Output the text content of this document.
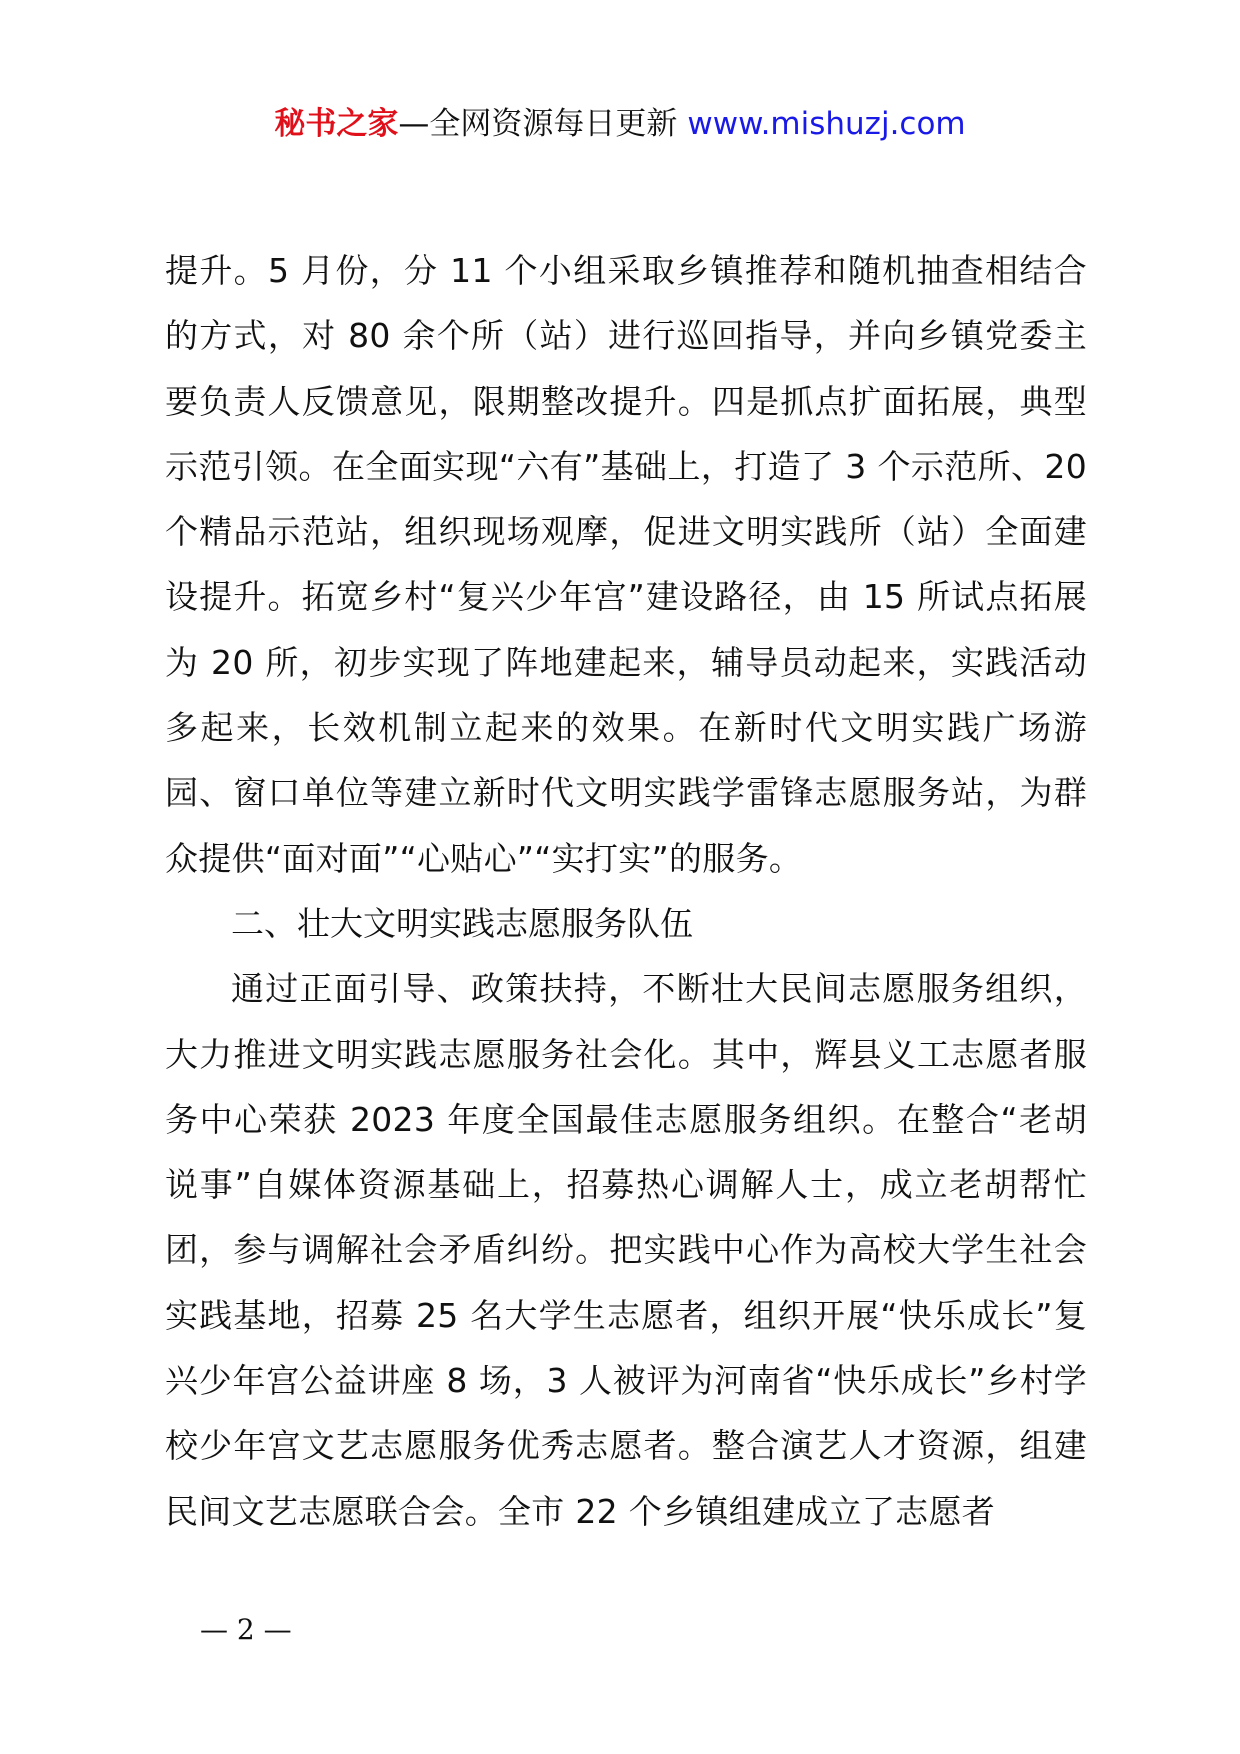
秘书之家—全网资源每日更新 www.mishuzj.com

提升。5 月份，分 11 个小组采取乡镇推荐和随机抽查相结合的方式，对 80 余个所（站）进行巡回指导，并向乡镇党委主要负责人反馈意见，限期整改提升。四是抓点扩面拓展，典型示范引领。在全面实现“六有”基础上，打造了 3 个示范所、20 个精品示范站，组织现场观摩，促进文明实践所（站）全面建设提升。拓宽乡村“复兴少年宫”建设路径，由 15 所试点拓展为 20 所，初步实现了阵地建起来，辅导员动起来，实践活动多起来，长效机制立起来的效果。在新时代文明实践广场游园、窗口单位等建立新时代文明实践学雷锋志愿服务站，为群众提供“面对面”“心贴心”“实打实”的服务。

二、壮大文明实践志愿服务队伍

通过正面引导、政策扶持，不断壮大民间志愿服务组织，大力推进文明实践志愿服务社会化。其中，辉县义工志愿者服务中心荣获 2023 年度全国最佳志愿服务组织。在整合“老胡说事”自媒体资源基础上，招募热心调解人士，成立老胡帮忙团，参与调解社会矛盾纠纷。把实践中心作为高校大学生社会实践基地，招募 25 名大学生志愿者，组织开展“快乐成长”复兴少年宫公益讲座 8 场，3 人被评为河南省“快乐成长”乡村学校少年宫文艺志愿服务优秀志愿者。整合演艺人才资源，组建民间文艺志愿联合会。全市 22 个乡镇组建成立了志愿者

— 2 —
